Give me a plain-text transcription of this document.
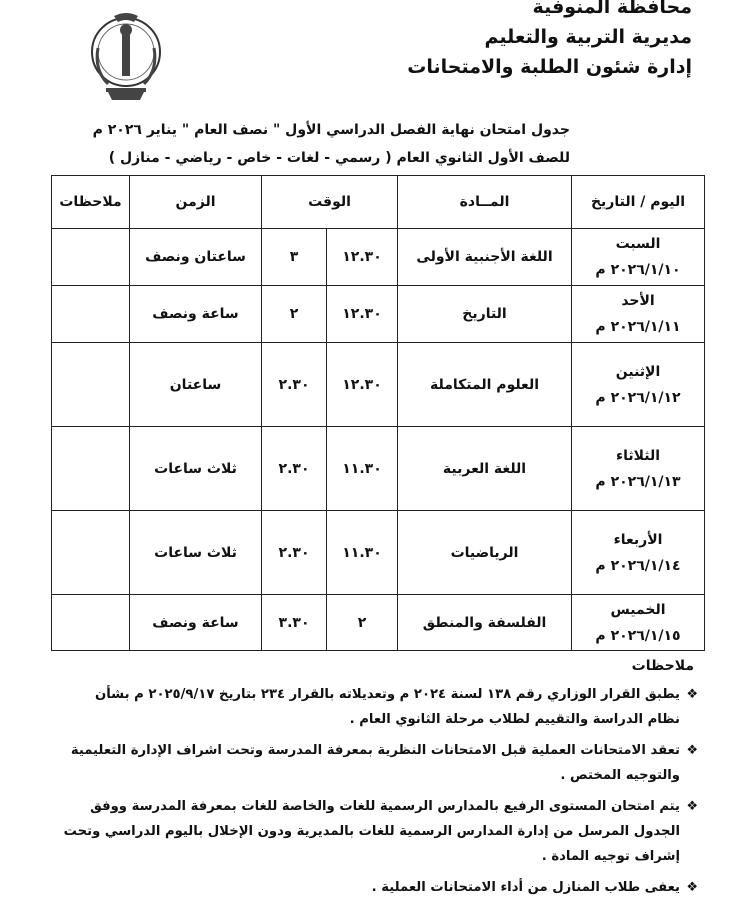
محافظة المنوفية
مديرية التربية والتعليم
إدارة شئون الطلبة والامتحانات
جدول امتحان نهاية الفصل الدراسي الأول " نصف العام " يناير ٢٠٢٦ م
للصف الأول الثانوي العام ( رسمي - لغات - خاص - رياضي - منازل )
اليوم / التاريخ	المــادة	الوقت		الزمن	ملاحظات

السبت
٢٠٢٦/١/١٠ م	اللغة الأجنبية الأولى	١٢.٣٠	٣	ساعتان ونصف	

الأحد
٢٠٢٦/١/١١ م	التاريخ	١٢.٣٠	٢	ساعة ونصف	

الإثنين
٢٠٢٦/١/١٢ م	العلوم المتكاملة	١٢.٣٠	٢.٣٠	ساعتان	

الثلاثاء
٢٠٢٦/١/١٣ م	اللغة العربية	١١.٣٠	٢.٣٠	ثلاث ساعات	

الأربعاء
٢٠٢٦/١/١٤ م	الرياضيات	١١.٣٠	٢.٣٠	ثلاث ساعات	

الخميس
٢٠٢٦/١/١٥ م	الفلسفة والمنطق	٢	٣.٣٠	ساعة ونصف	
ملاحظات
❖
يطبق القرار الوزاري رقم ١٣٨ لسنة ٢٠٢٤ م وتعديلاته بالقرار ٢٣٤ بتاريخ ٢٠٢٥/٩/١٧ م بشأن نظام الدراسة والتقييم لطلاب مرحلة الثانوي العام .
❖
تعقد الامتحانات العملية قبل الامتحانات النظرية بمعرفة المدرسة وتحت اشراف الإدارة التعليمية والتوجيه المختص .
❖
يتم امتحان المستوى الرفيع بالمدارس الرسمية للغات والخاصة للغات بمعرفة المدرسة ووفق الجدول المرسل من إدارة المدارس الرسمية للغات بالمديرية ودون الإخلال باليوم الدراسي وتحت إشراف توجيه المادة .
❖
يعفى طلاب المنازل من أداء الامتحانات العملية .
